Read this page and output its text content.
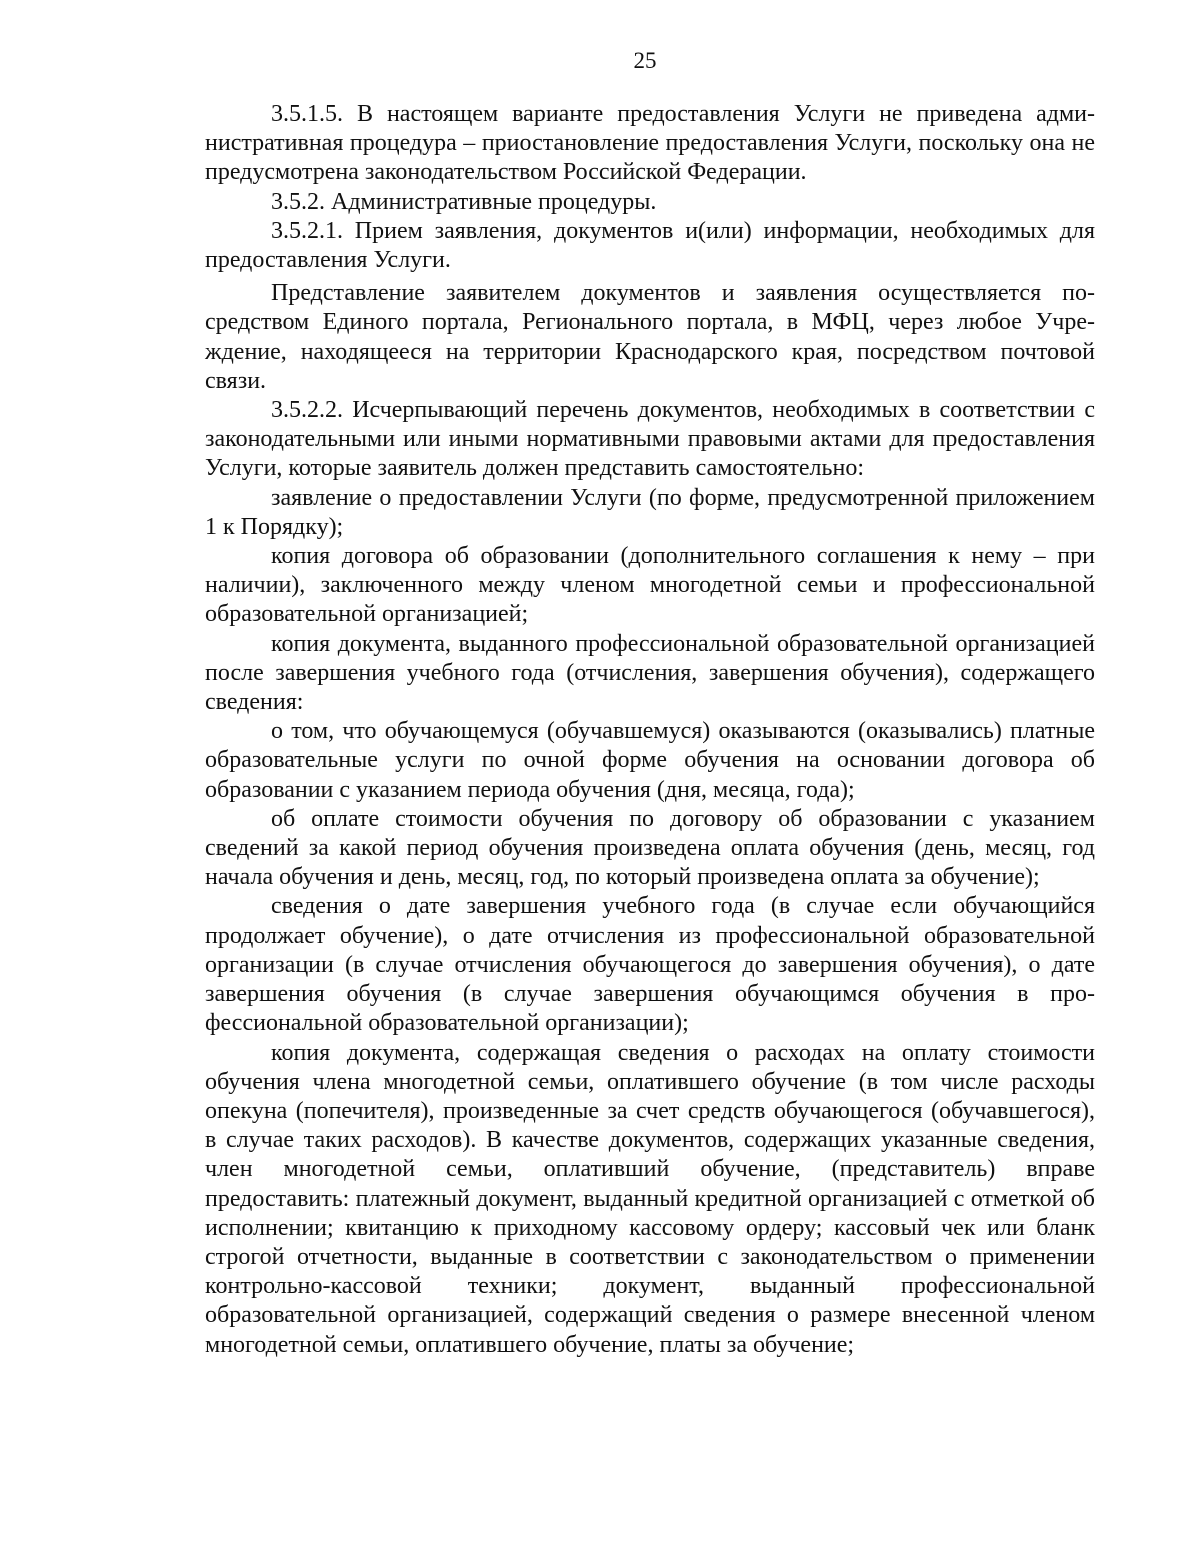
25

3.5.1.5. В настоящем варианте предоставления Услуги не приведена административная процедура – приостановление предоставления Услуги, поскольку она не предусмотрена законодательством Российской Федерации.

3.5.2. Административные процедуры.

3.5.2.1. Прием заявления, документов и(или) информации, необходимых для предоставления Услуги.

Представление заявителем документов и заявления осуществляется посредством Единого портала, Регионального портала, в МФЦ, через любое Учреждение, находящееся на территории Краснодарского края, посредством почтовой связи.

3.5.2.2. Исчерпывающий перечень документов, необходимых в соответствии с законодательными или иными нормативными правовыми актами для предоставления Услуги, которые заявитель должен представить самостоятельно:

заявление о предоставлении Услуги (по форме, предусмотренной приложением 1 к Порядку);

копия договора об образовании (дополнительного соглашения к нему – при наличии), заключенного между членом многодетной семьи и профессиональной образовательной организацией;

копия документа, выданного профессиональной образовательной организацией после завершения учебного года (отчисления, завершения обучения), содержащего сведения:

о том, что обучающемуся (обучавшемуся) оказываются (оказывались) платные образовательные услуги по очной форме обучения на основании договора об образовании с указанием периода обучения (дня, месяца, года);

об оплате стоимости обучения по договору об образовании с указанием сведений за какой период обучения произведена оплата обучения (день, месяц, год начала обучения и день, месяц, год, по который произведена оплата за обучение);

сведения о дате завершения учебного года (в случае если обучающийся продолжает обучение), о дате отчисления из профессиональной образовательной организации (в случае отчисления обучающегося до завершения обучения), о дате завершения обучения (в случае завершения обучающимся обучения в профессиональной образовательной организации);

копия документа, содержащая сведения о расходах на оплату стоимости обучения члена многодетной семьи, оплатившего обучение (в том числе расходы опекуна (попечителя), произведенные за счет средств обучающегося (обучавшегося), в случае таких расходов). В качестве документов, содержащих указанные сведения, член многодетной семьи, оплативший обучение, (представитель) вправе предоставить: платежный документ, выданный кредитной организацией с отметкой об исполнении; квитанцию к приходному кассовому ордеру; кассовый чек или бланк строгой отчетности, выданные в соответствии с законодательством о применении контрольно-кассовой техники; документ, выданный профессиональной образовательной организацией, содержащий сведения о размере внесенной членом многодетной семьи, оплатившего обучение, платы за обучение;
